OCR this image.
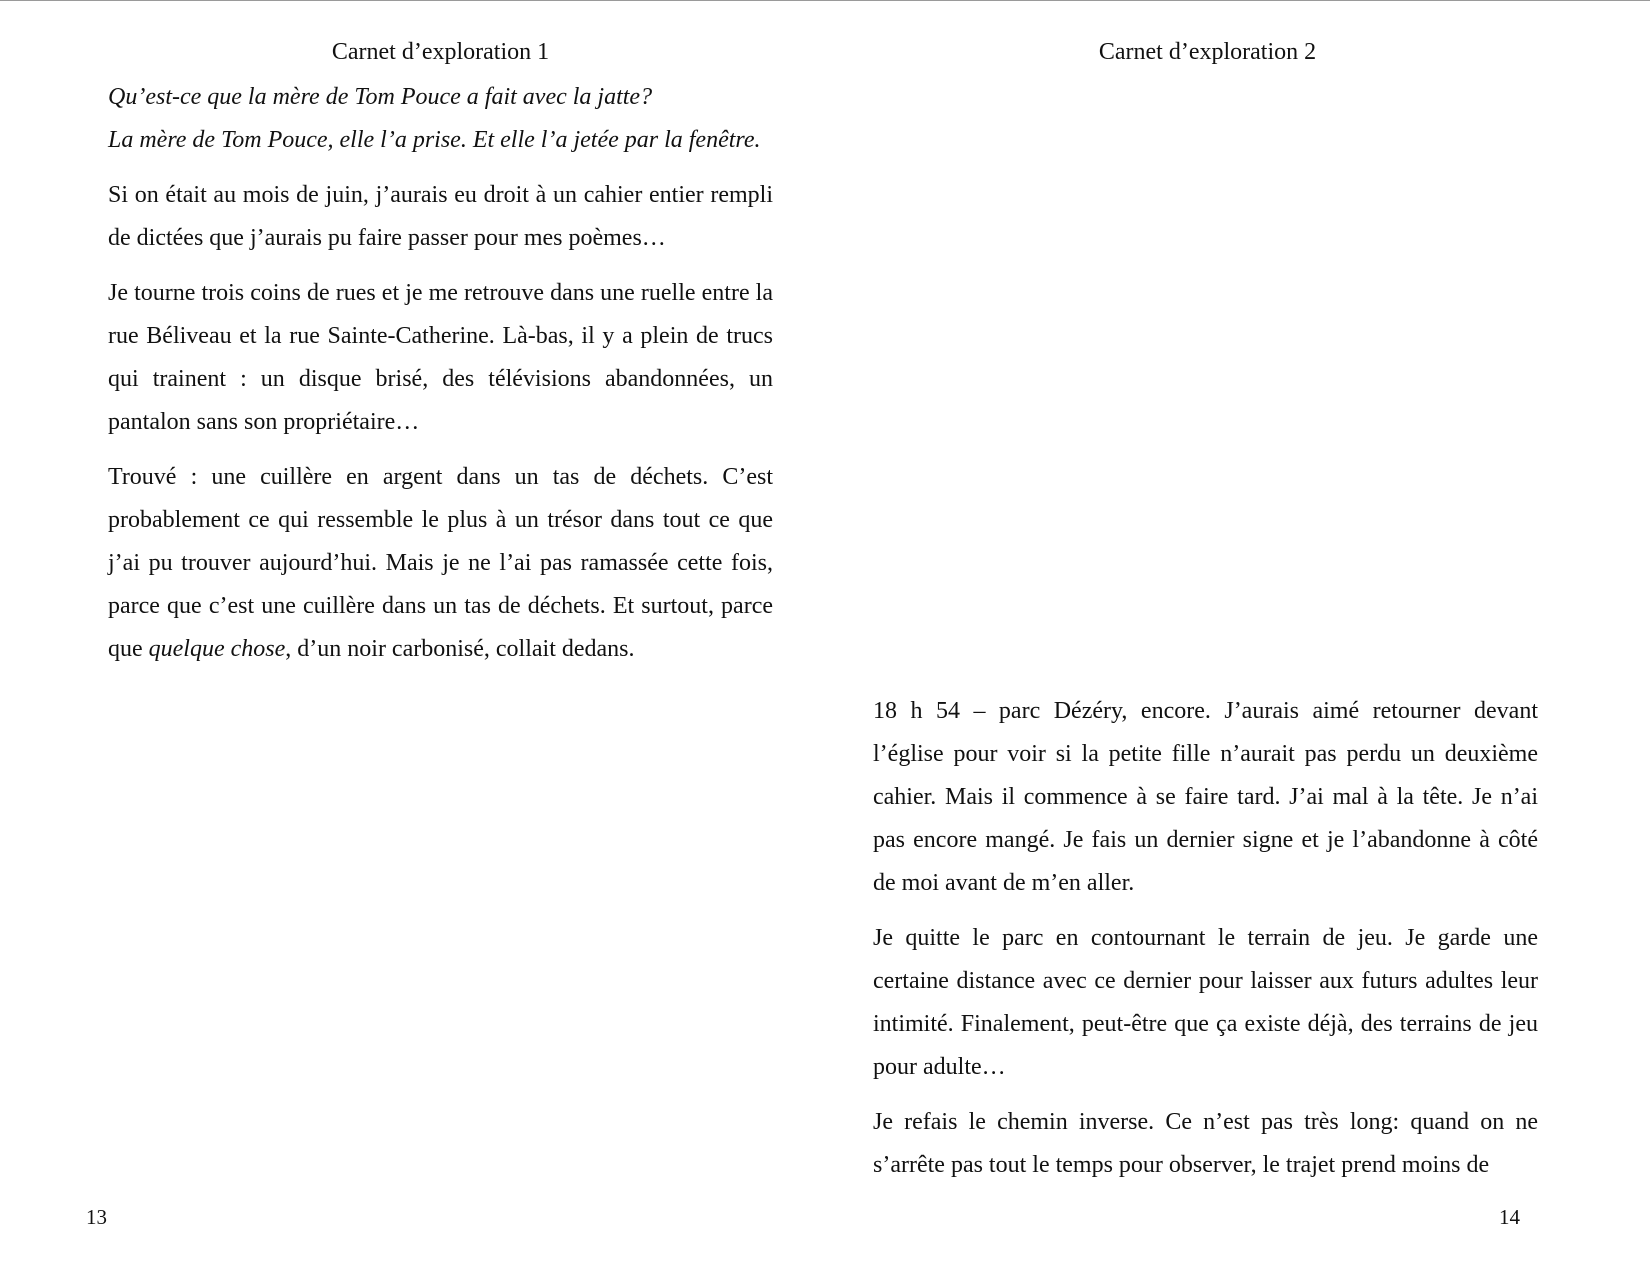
Carnet d’exploration 1

Qu’est-ce que la mère de Tom Pouce a fait avec la jatte?

La mère de Tom Pouce, elle l’a prise. Et elle l’a jetée par la fenêtre.

Si on était au mois de juin, j’aurais eu droit à un cahier entier rempli de dictées que j’aurais pu faire passer pour mes poèmes…

Je tourne trois coins de rues et je me retrouve dans une ruelle entre la rue Béliveau et la rue Sainte-Catherine. Là-bas, il y a plein de trucs qui trainent : un disque brisé, des télévisions abandonnées, un pantalon sans son propriétaire…

Trouvé : une cuillère en argent dans un tas de déchets. C’est probablement ce qui ressemble le plus à un trésor dans tout ce que j’ai pu trouver aujourd’hui. Mais je ne l’ai pas ramassée cette fois, parce que c’est une cuillère dans un tas de déchets. Et surtout, parce que quelque chose, d’un noir carbonisé, collait dedans.

13
Carnet d’exploration 2

18 h 54 – parc Dézéry, encore. J’aurais aimé retourner devant l’église pour voir si la petite fille n’aurait pas perdu un deuxième cahier. Mais il commence à se faire tard. J’ai mal à la tête. Je n’ai pas encore mangé. Je fais un dernier signe et je l’abandonne à côté de moi avant de m’en aller.

Je quitte le parc en contournant le terrain de jeu. Je garde une certaine distance avec ce dernier pour laisser aux futurs adultes leur intimité. Finalement, peut-être que ça existe déjà, des terrains de jeu pour adulte…

Je refais le chemin inverse. Ce n’est pas très long: quand on ne s’arrête pas tout le temps pour observer, le trajet prend moins de

14
